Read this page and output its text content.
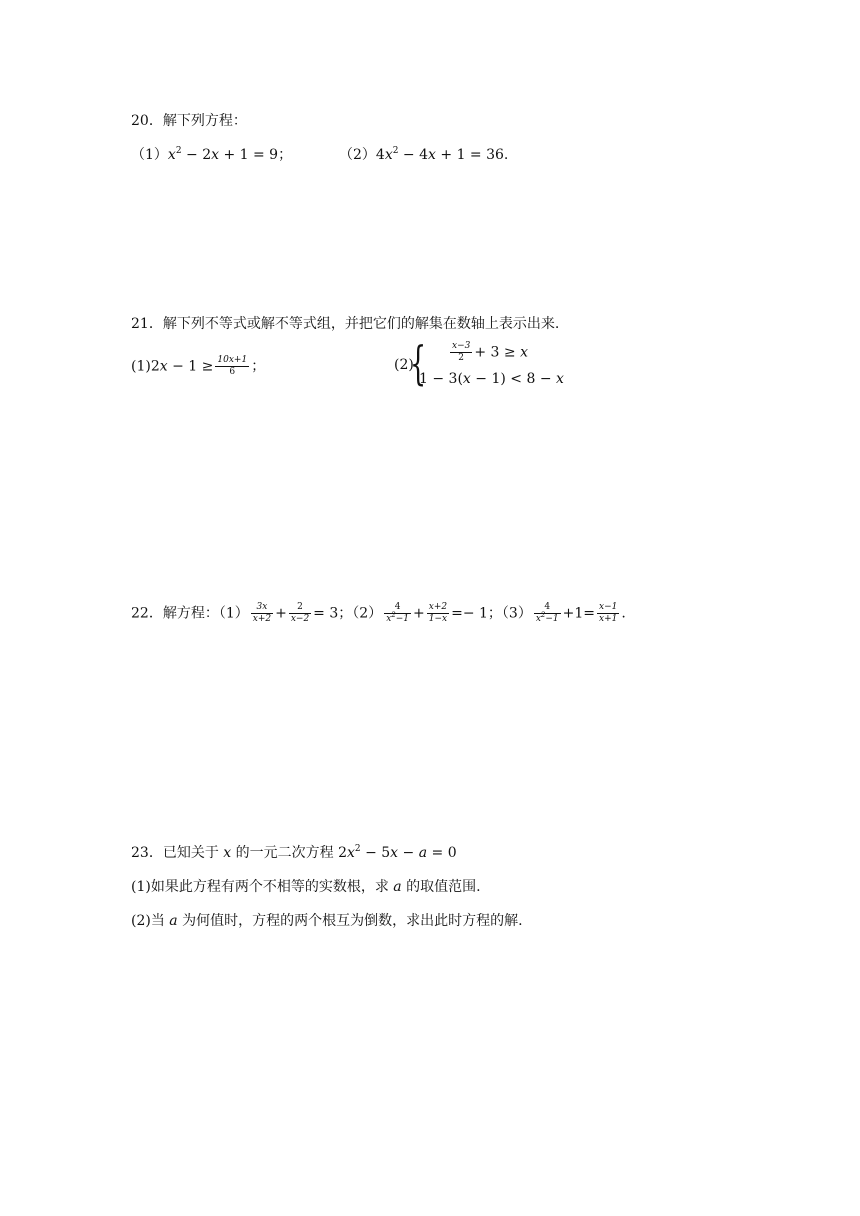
20．解下列方程：
$(1)x^2 - 2x + 1 = 9$；	$(2)4x^2 - 4x + 1 = 36$.
21．解下列不等式或解不等式组，并把它们的解集在数轴上表示出来.
$(1)2x - 1 \ge \frac{10x+1}{6}$ ；	(2)
{	$\frac{x-3}{2} + 3 \ge x$
1 − 3(x − 1) < 8 − x
22．解方程：$(1) \frac{3x}{x+2} + \frac{2}{x-2} = 3$；$(2) \frac{4}{x^2-1} + \frac{x+2}{1-x} =- 1$；$(3) \frac{4}{x^2-1} +1= \frac{x-1}{x+1}$ .
23．已知关于 x 的一元二次方程 $2x^2 - 5x - a = 0$
(1)如果此方程有两个不相等的实数根，求 a 的取值范围.
(2)当 a 为何值时，方程的两个根互为倒数，求出此时方程的解.
